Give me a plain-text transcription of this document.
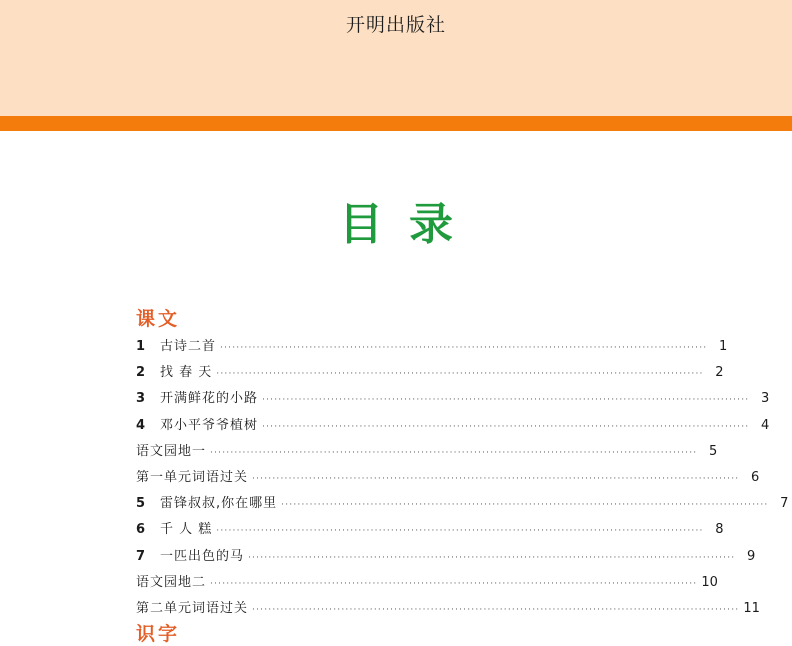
开明出版社
目录
课文
1	古诗二首 ························································································································ 1
2	找 春 天 ························································································································ 2
3	开满鲜花的小路 ························································································································ 3
4	邓小平爷爷植树 ························································································································ 4
语文园地一 ························································································································ 5
第一单元词语过关 ························································································································ 6
5	雷锋叔叔,你在哪里 ························································································································ 7
6	千 人 糕 ························································································································ 8
7	一匹出色的马 ························································································································ 9
语文园地二 ························································································································ 10
第二单元词语过关 ························································································································ 11
识字
